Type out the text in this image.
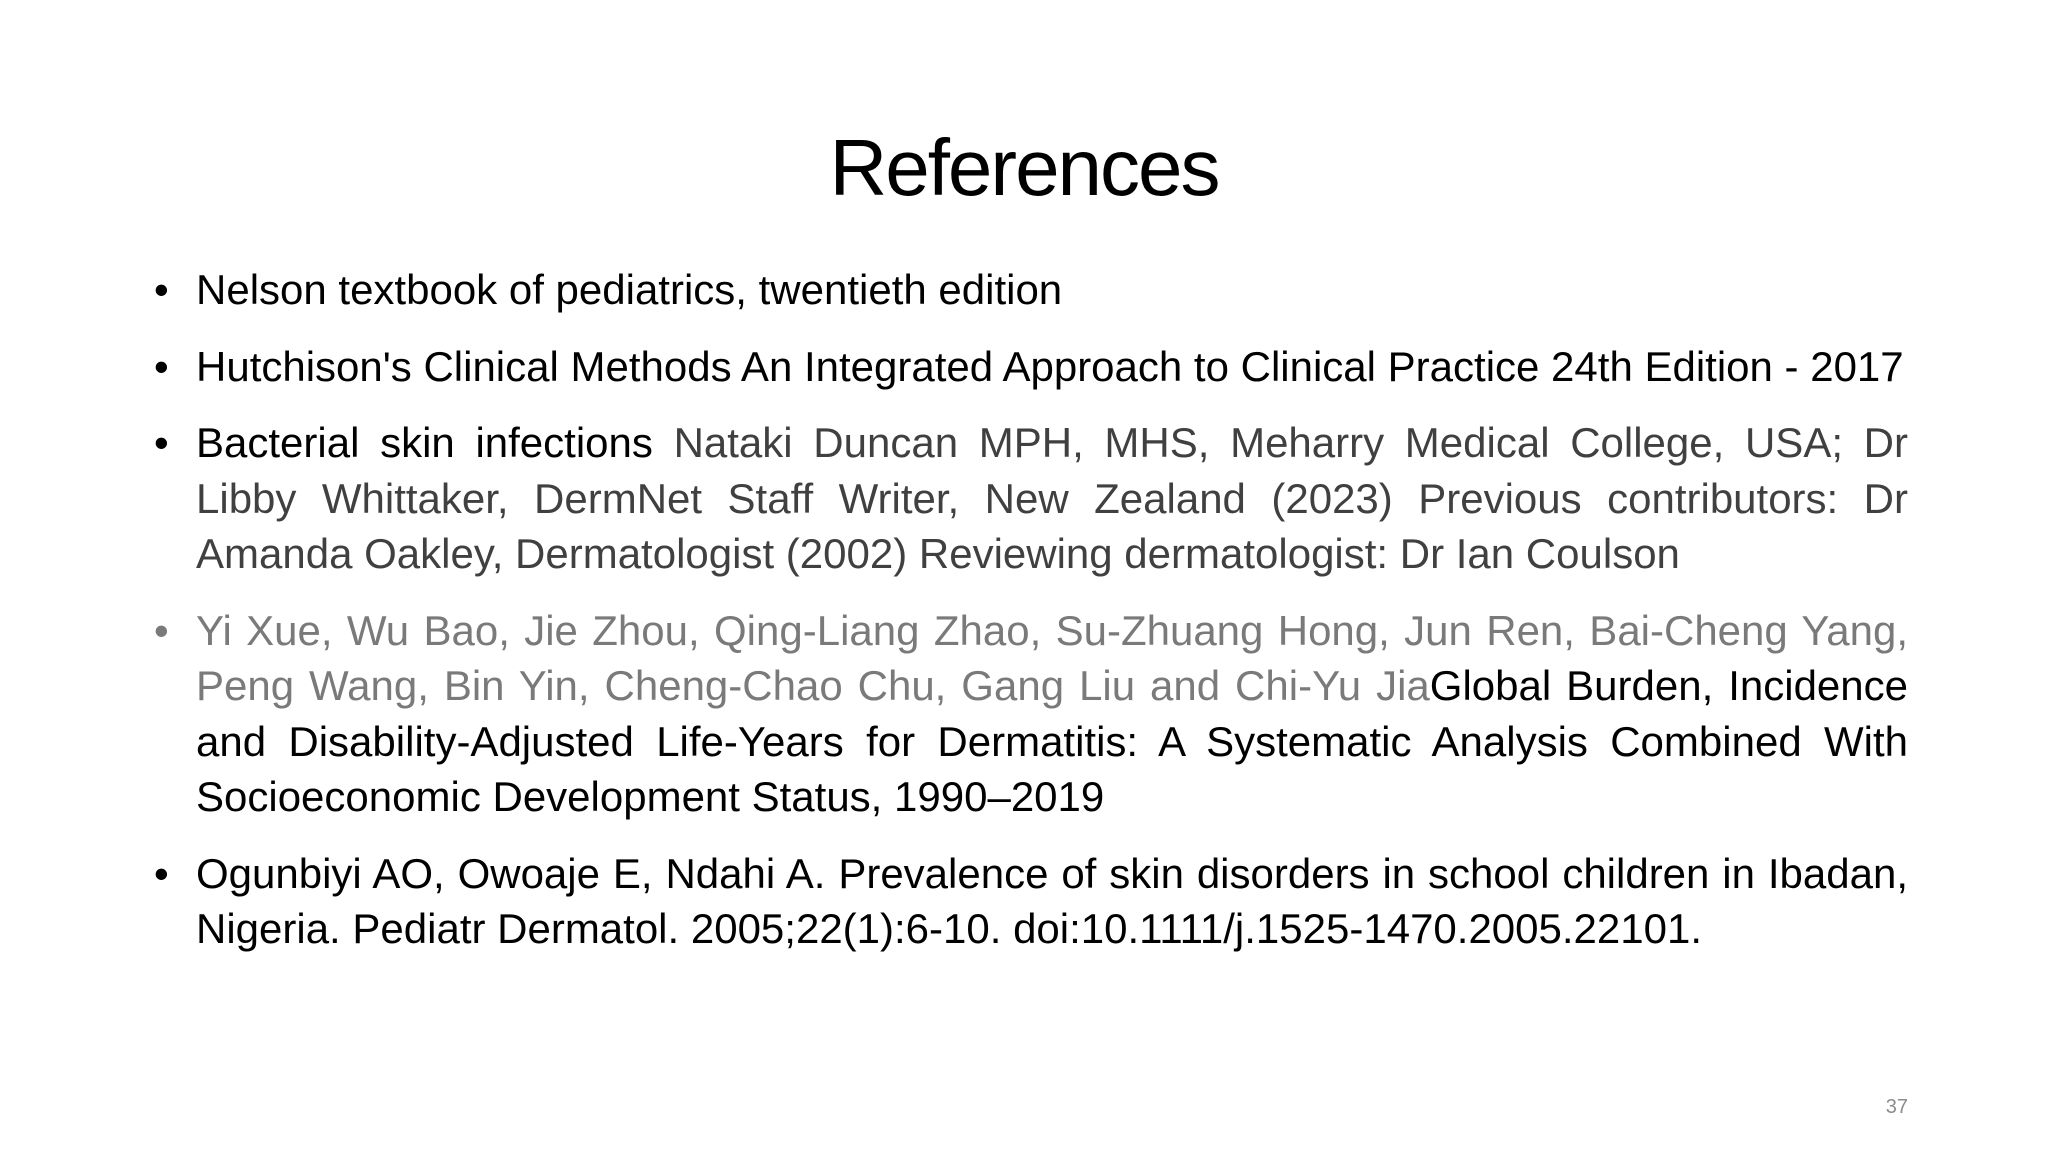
References
• Nelson textbook of pediatrics, twentieth edition
• Hutchison's Clinical Methods An Integrated Approach to Clinical Practice 24th Edition - 2017
• Bacterial skin infections Nataki Duncan MPH, MHS, Meharry Medical College, USA; Dr Libby Whittaker, DermNet Staff Writer, New Zealand (2023) Previous contributors: Dr Amanda Oakley, Dermatologist (2002) Reviewing dermatologist: Dr Ian Coulson
• Yi Xue, Wu Bao, Jie Zhou, Qing-Liang Zhao, Su-Zhuang Hong, Jun Ren, Bai-Cheng Yang, Peng Wang, Bin Yin, Cheng-Chao Chu, Gang Liu and Chi-Yu JiaGlobal Burden, Incidence and Disability-Adjusted Life-Years for Dermatitis: A Systematic Analysis Combined With Socioeconomic Development Status, 1990–2019
• Ogunbiyi AO, Owoaje E, Ndahi A. Prevalence of skin disorders in school children in Ibadan, Nigeria. Pediatr Dermatol. 2005;22(1):6-10. doi:10.1111/j.1525-1470.2005.22101.
37
